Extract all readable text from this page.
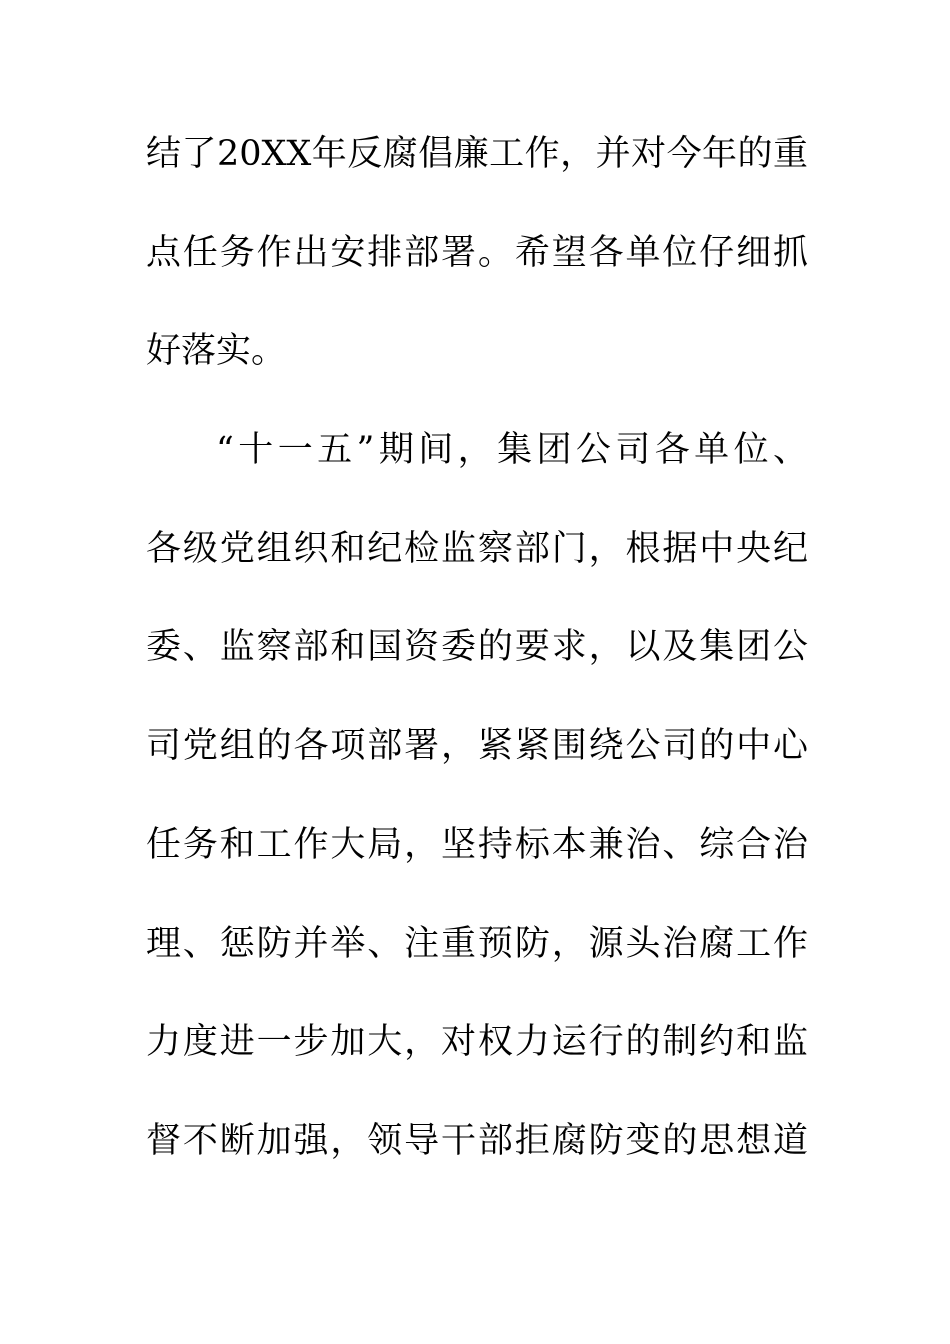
结了20XX年反腐倡廉工作，并对今年的重
点任务作出安排部署。希望各单位仔细抓
好落实。
“十一五”期间，集团公司各单位、
各级党组织和纪检监察部门，根据中央纪
委、监察部和国资委的要求，以及集团公
司党组的各项部署，紧紧围绕公司的中心
任务和工作大局，坚持标本兼治、综合治
理、惩防并举、注重预防，源头治腐工作
力度进一步加大，对权力运行的制约和监
督不断加强，领导干部拒腐防变的思想道
